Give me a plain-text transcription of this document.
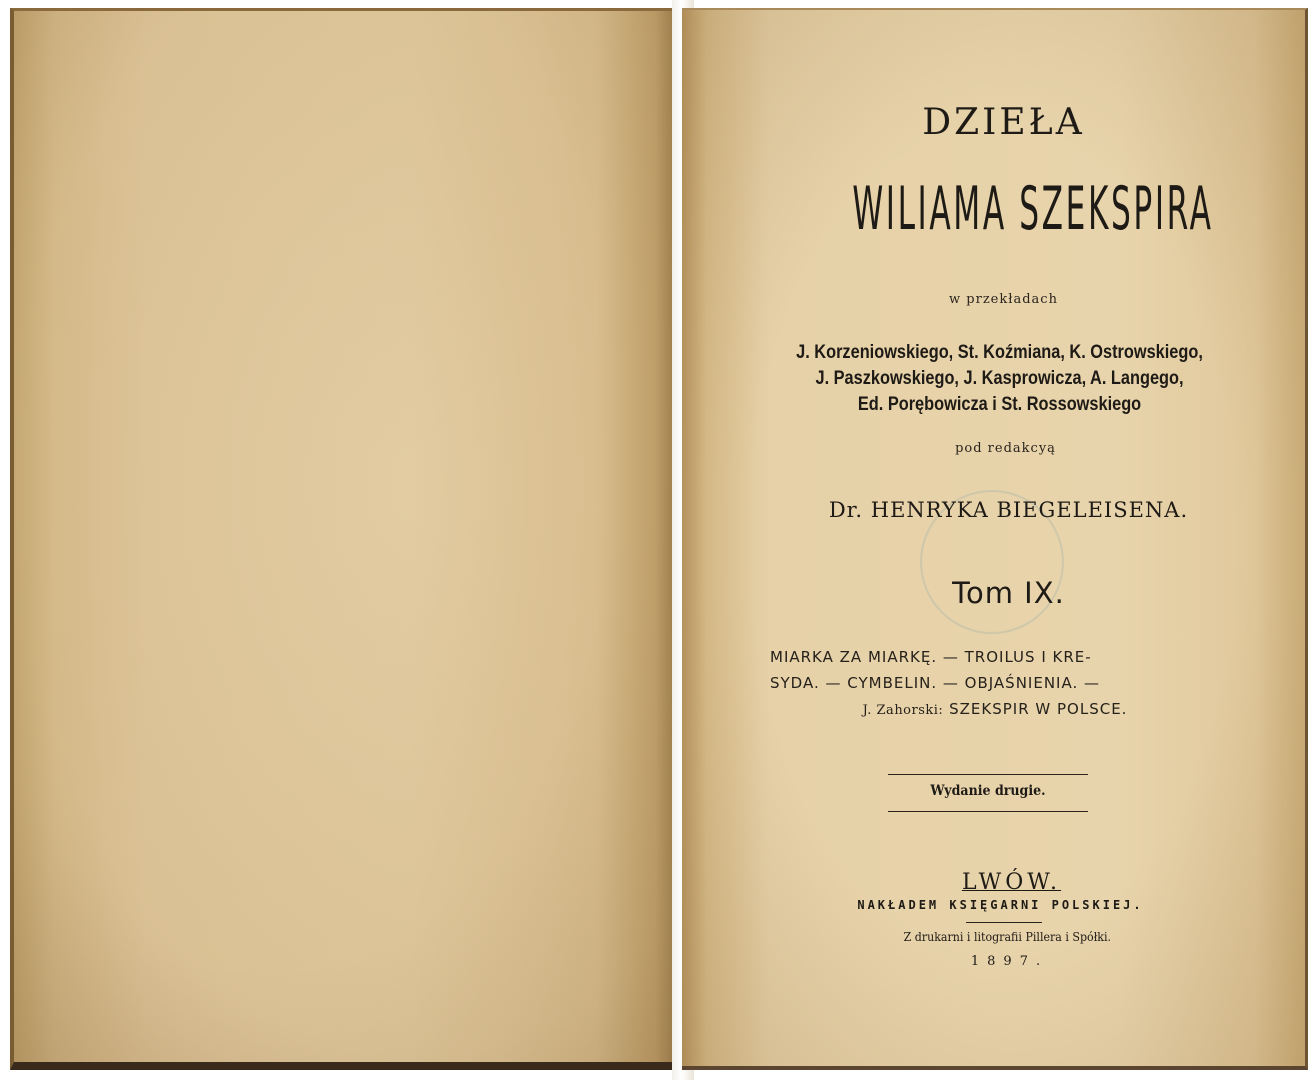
DZIEŁA
WILIAMA SZEKSPIRA
w przekładach
J. Korzeniowskiego, St. Koźmiana, K. Ostrowskiego,
J. Paszkowskiego, J. Kasprowicza, A. Langego,
Ed. Porębowicza i St. Rossowskiego
pod redakcyą
Dr. HENRYKA BIEGELEISENA.
Tom IX.
MIARKA ZA MIARKĘ. — TROILUS I KRE-
SYDA. — CYMBELIN. — OBJAŚNIENIA. —
J. Zahorski: SZEKSPIR W POLSCE.
Wydanie drugie.
LWÓW.
NAKŁADEM KSIĘGARNI POLSKIEJ.
Z drukarni i litografii Pillera i Spółki.
1897.
